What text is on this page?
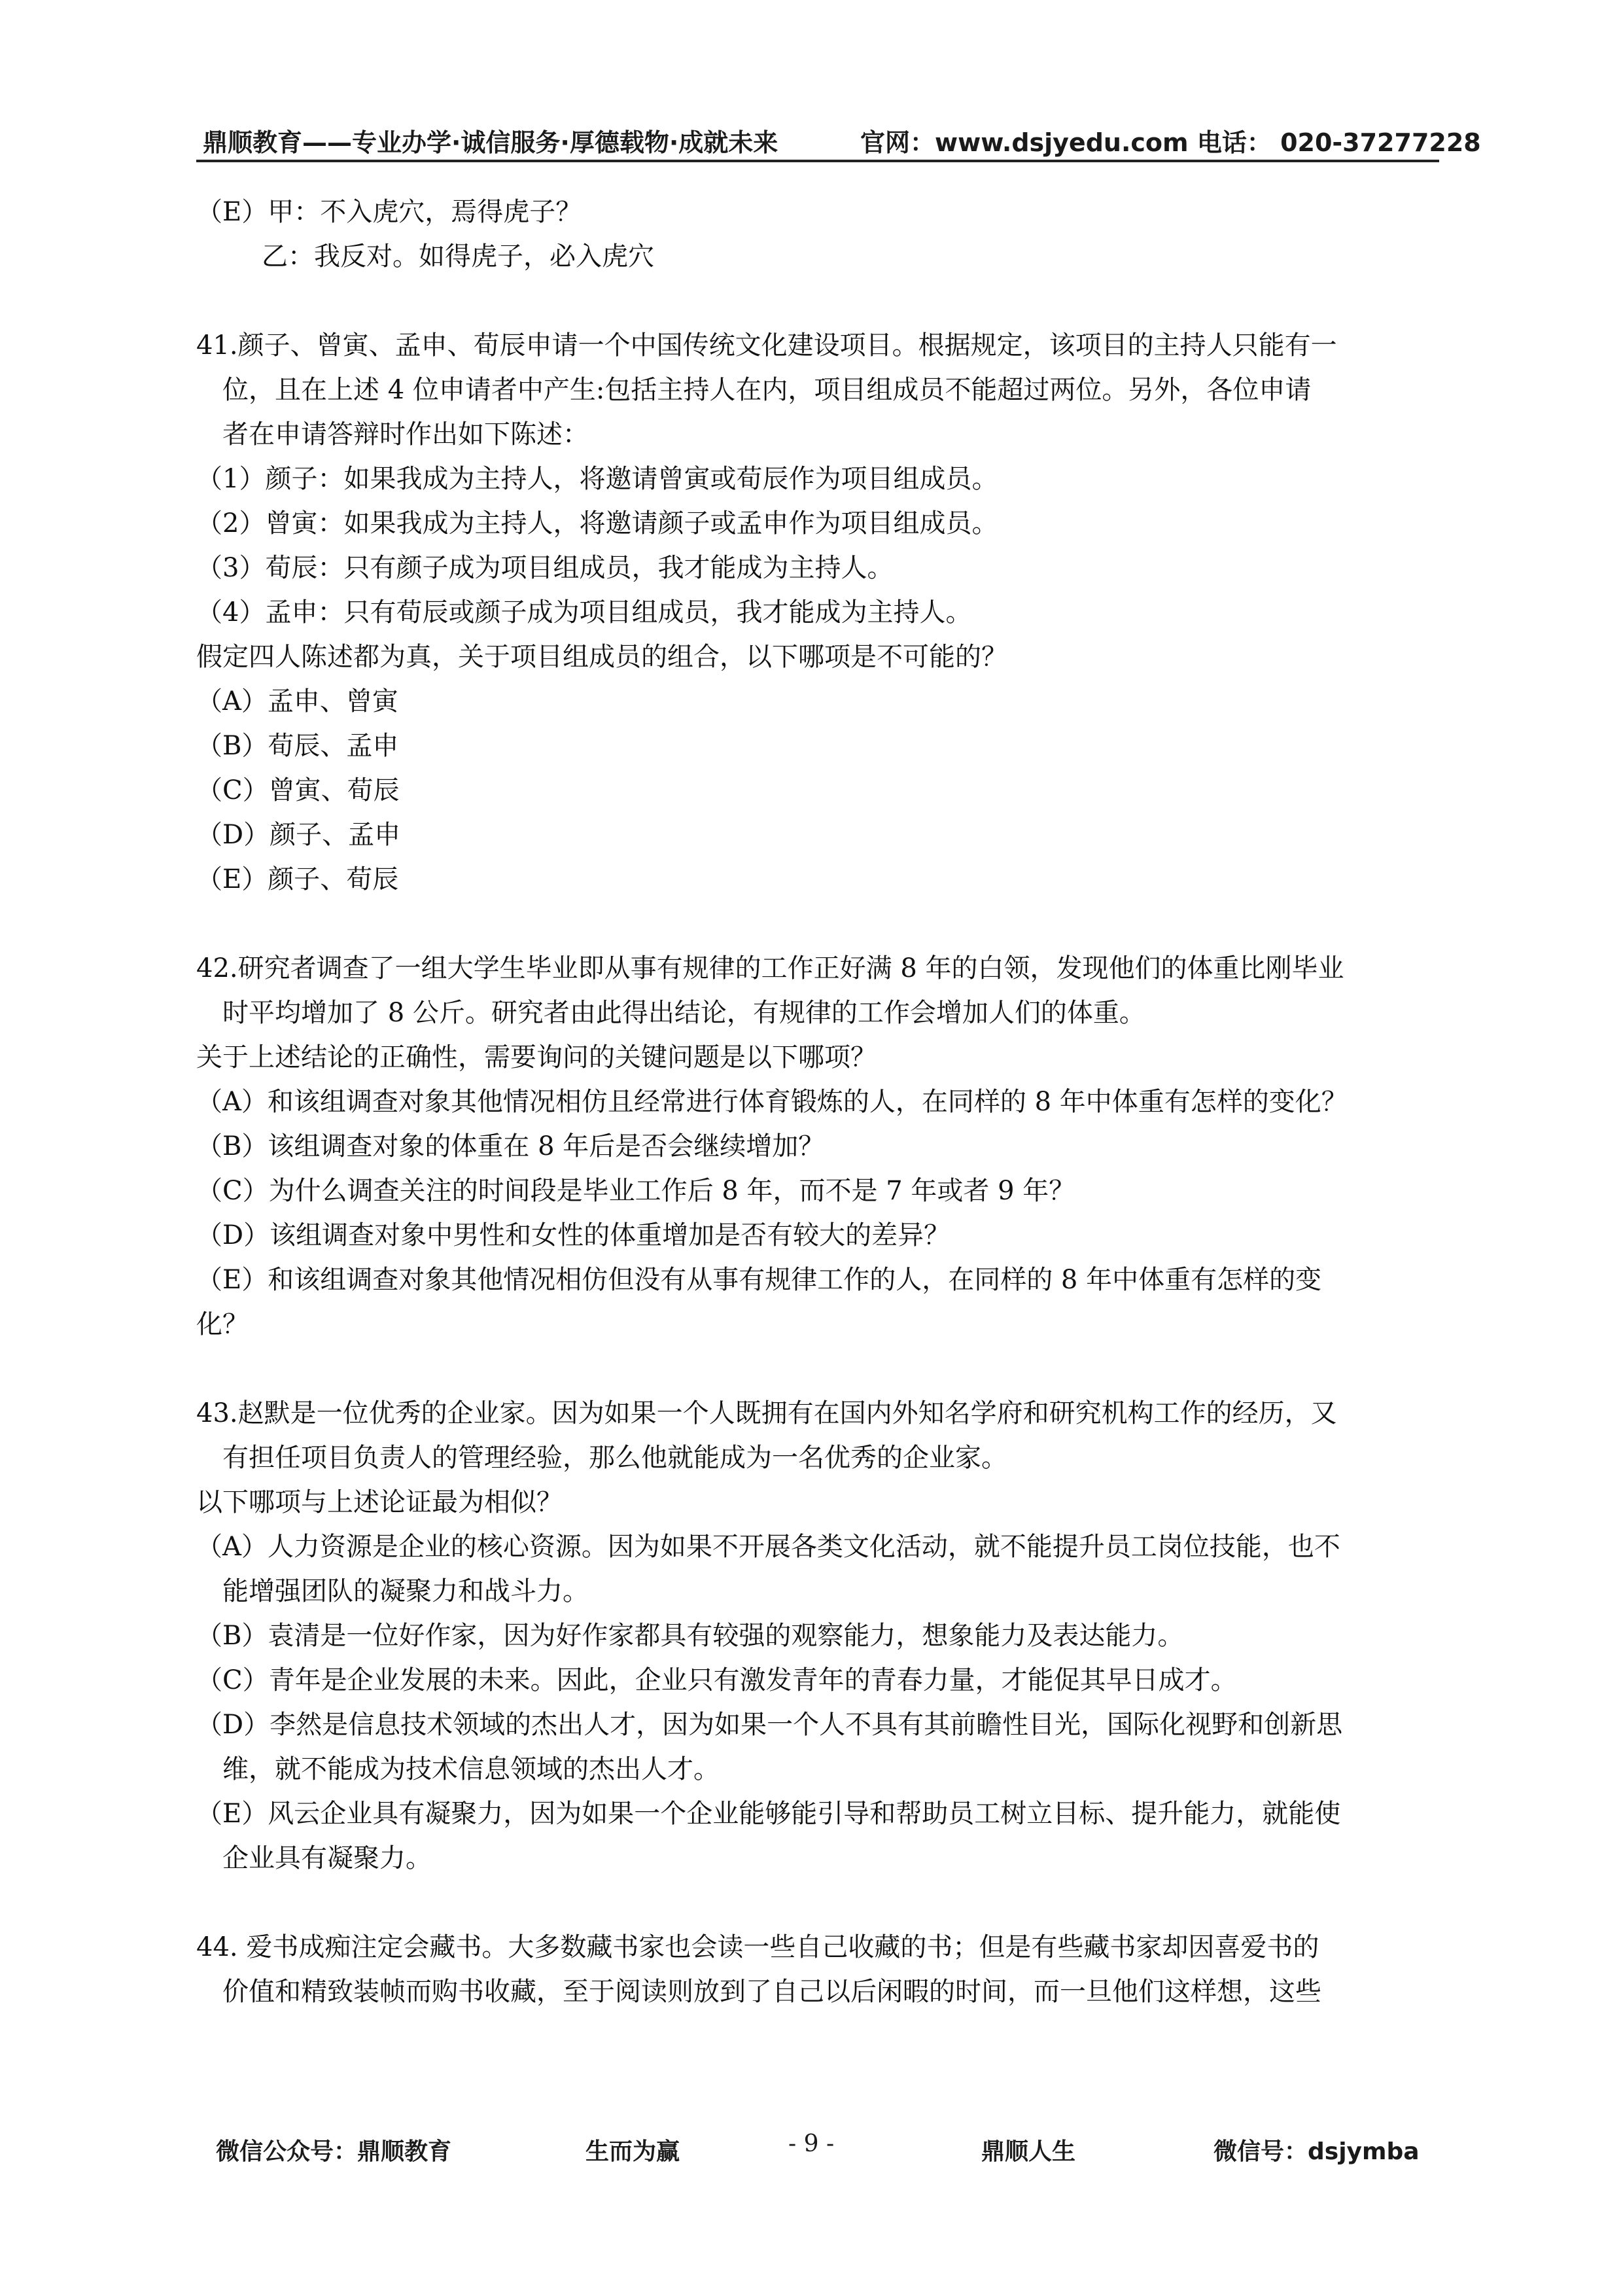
鼎顺教育——专业办学·诚信服务·厚德载物·成就未来	官网：www.dsjyedu.com 电话： 020-37277228
（E）甲：不入虎穴，焉得虎子？
乙：我反对。如得虎子，必入虎穴
41.颜子、曾寅、孟申、荀辰申请一个中国传统文化建设项目。根据规定，该项目的主持人只能有一
位，且在上述 4 位申请者中产生:包括主持人在内，项目组成员不能超过两位。另外，各位申请
者在申请答辩时作出如下陈述：
（1）颜子：如果我成为主持人，将邀请曾寅或荀辰作为项目组成员。
（2）曾寅：如果我成为主持人，将邀请颜子或孟申作为项目组成员。
（3）荀辰：只有颜子成为项目组成员，我才能成为主持人。
（4）孟申：只有荀辰或颜子成为项目组成员，我才能成为主持人。
假定四人陈述都为真，关于项目组成员的组合，以下哪项是不可能的？
（A）孟申、曾寅
（B）荀辰、孟申
（C）曾寅、荀辰
（D）颜子、孟申
（E）颜子、荀辰
42.研究者调查了一组大学生毕业即从事有规律的工作正好满 8 年的白领，发现他们的体重比刚毕业
时平均增加了 8 公斤。研究者由此得出结论，有规律的工作会增加人们的体重。
关于上述结论的正确性，需要询问的关键问题是以下哪项？
（A）和该组调查对象其他情况相仿且经常进行体育锻炼的人，在同样的 8 年中体重有怎样的变化？
（B）该组调查对象的体重在 8 年后是否会继续增加？
（C）为什么调查关注的时间段是毕业工作后 8 年，而不是 7 年或者 9 年？
（D）该组调查对象中男性和女性的体重增加是否有较大的差异？
（E）和该组调查对象其他情况相仿但没有从事有规律工作的人，在同样的 8 年中体重有怎样的变
化？
43.赵默是一位优秀的企业家。因为如果一个人既拥有在国内外知名学府和研究机构工作的经历，又
有担任项目负责人的管理经验，那么他就能成为一名优秀的企业家。
以下哪项与上述论证最为相似？
（A）人力资源是企业的核心资源。因为如果不开展各类文化活动，就不能提升员工岗位技能，也不
能增强团队的凝聚力和战斗力。
（B）袁清是一位好作家，因为好作家都具有较强的观察能力，想象能力及表达能力。
（C）青年是企业发展的未来。因此，企业只有激发青年的青春力量，才能促其早日成才。
（D）李然是信息技术领域的杰出人才，因为如果一个人不具有其前瞻性目光，国际化视野和创新思
维，就不能成为技术信息领域的杰出人才。
（E）风云企业具有凝聚力，因为如果一个企业能够能引导和帮助员工树立目标、提升能力，就能使
企业具有凝聚力。
44. 爱书成痴注定会藏书。大多数藏书家也会读一些自己收藏的书；但是有些藏书家却因喜爱书的
价值和精致装帧而购书收藏，至于阅读则放到了自己以后闲暇的时间，而一旦他们这样想，这些
微信公众号：鼎顺教育	生而为赢	- 9 -	鼎顺人生	微信号：dsjymba
